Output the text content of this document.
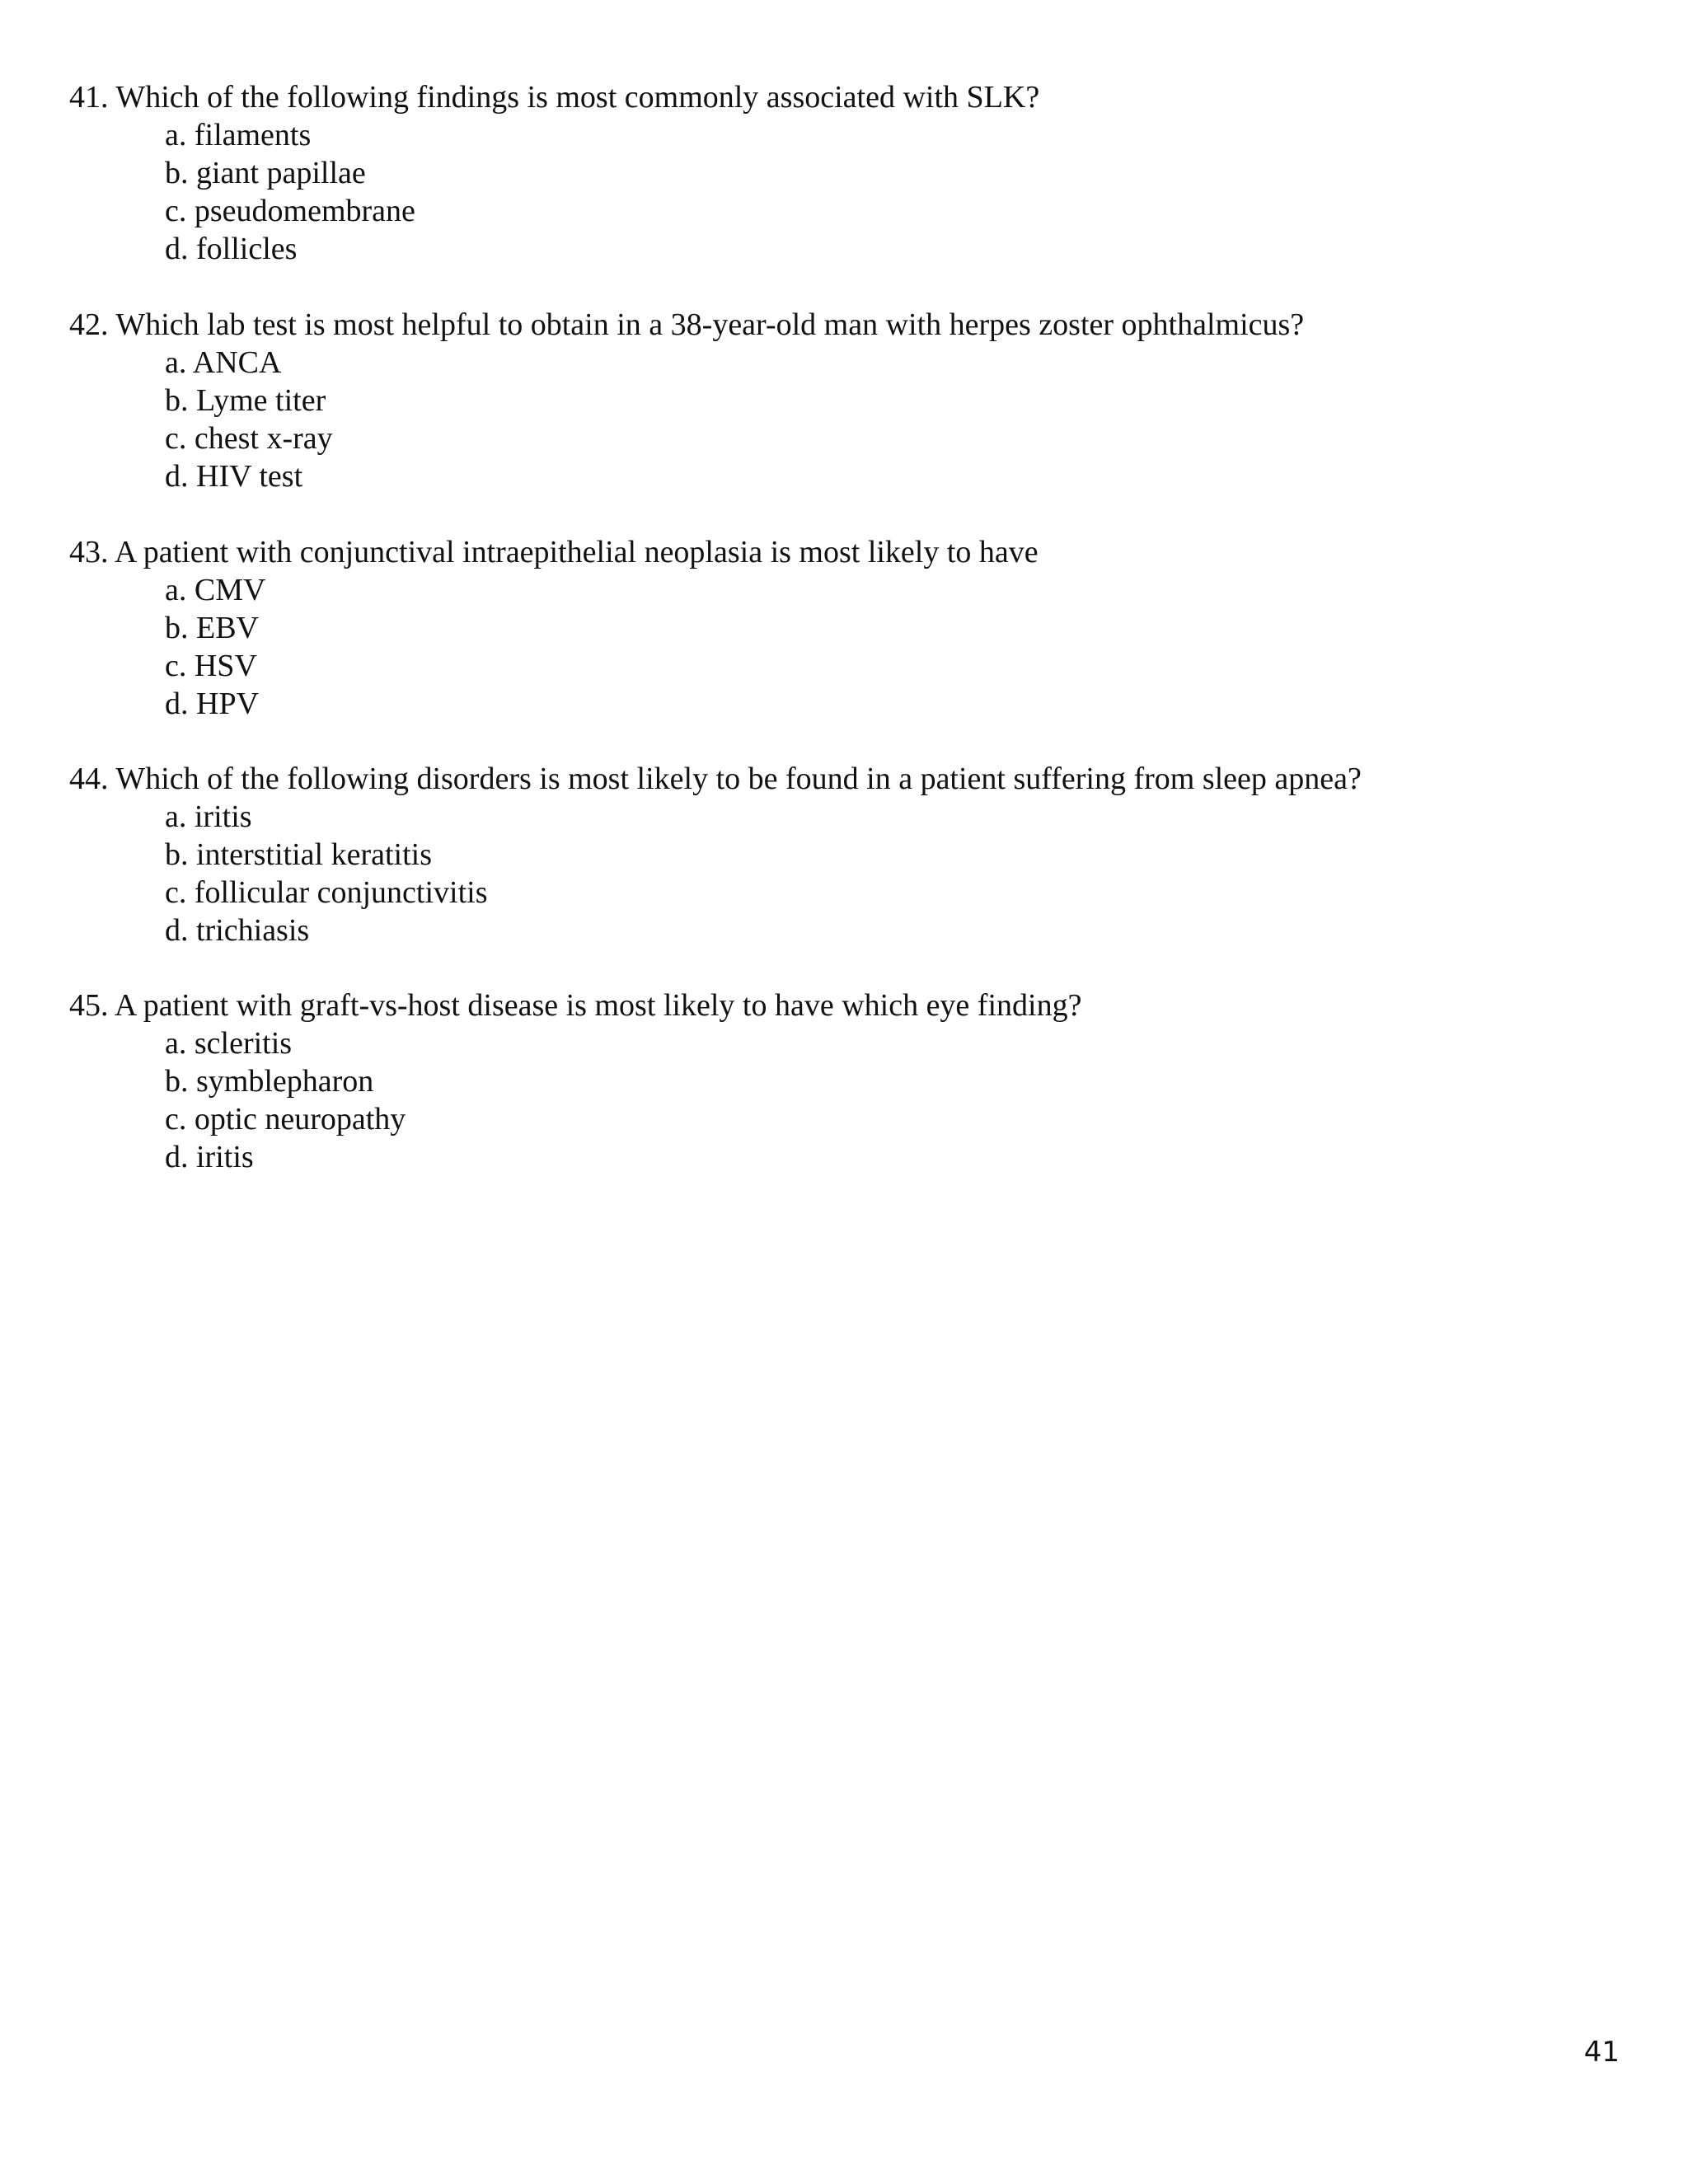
41. Which of the following findings is most commonly associated with SLK?
a. filaments
b. giant papillae
c. pseudomembrane
d. follicles
42. Which lab test is most helpful to obtain in a 38-year-old man with herpes zoster ophthalmicus?
a. ANCA
b. Lyme titer
c. chest x-ray
d. HIV test
43. A patient with conjunctival intraepithelial neoplasia is most likely to have
a. CMV
b. EBV
c. HSV
d. HPV
44. Which of the following disorders is most likely to be found in a patient suffering from sleep apnea?
a. iritis
b. interstitial keratitis
c. follicular conjunctivitis
d. trichiasis
45. A patient with graft-vs-host disease is most likely to have which eye finding?
a. scleritis
b. symblepharon
c. optic neuropathy
d. iritis
41
